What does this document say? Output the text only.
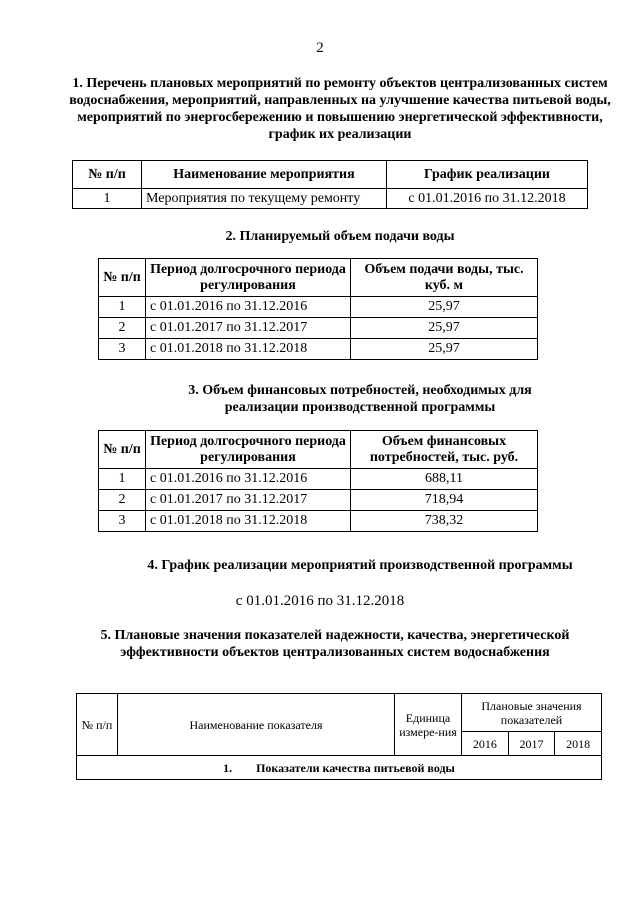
2
1. Перечень плановых мероприятий по ремонту объектов централизованных систем водоснабжения, мероприятий, направленных на улучшение качества питьевой воды, мероприятий по энергосбережению и повышению энергетической эффективности, график их реализации
№ п/п	Наименование мероприятия	График реализации
1	Мероприятия по текущему ремонту	с 01.01.2016 по 31.12.2018
2. Планируемый объем подачи воды
№ п/п	Период долгосрочного периода регулирования	Объем подачи воды, тыс. куб. м
1	с 01.01.2016 по 31.12.2016	25,97
2	с 01.01.2017 по 31.12.2017	25,97
3	с 01.01.2018 по 31.12.2018	25,97
3. Объем финансовых потребностей, необходимых для реализации производственной программы
№ п/п	Период долгосрочного периода регулирования	Объем финансовых потребностей, тыс. руб.
1	с 01.01.2016 по 31.12.2016	688,11
2	с 01.01.2017 по 31.12.2017	718,94
3	с 01.01.2018 по 31.12.2018	738,32
4. График реализации мероприятий производственной программы
с 01.01.2016 по 31.12.2018
5. Плановые значения показателей надежности, качества, энергетической эффективности объектов централизованных систем водоснабжения
№ п/п	Наименование показателя	Единица измере-ния	Плановые значения показателей		
			2016	2017	2018
1. Показатели качества питьевой воды					
